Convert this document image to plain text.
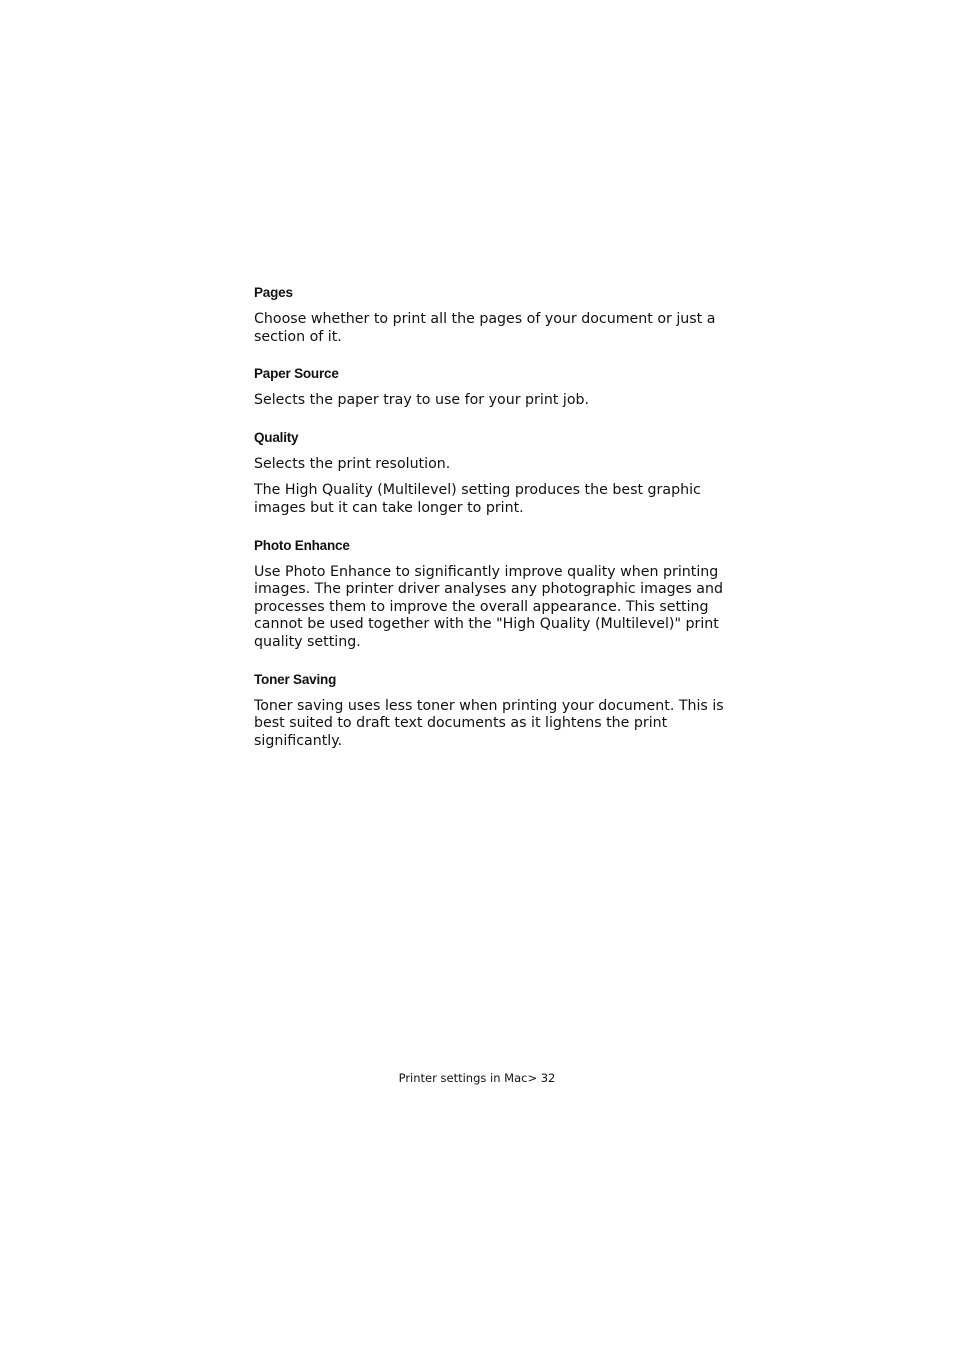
Pages
Choose whether to print all the pages of your document or just a section of it.
Paper Source
Selects the paper tray to use for your print job.
Quality
Selects the print resolution.
The High Quality (Multilevel) setting produces the best graphic images but it can take longer to print.
Photo Enhance
Use Photo Enhance to significantly improve quality when printing images. The printer driver analyses any photographic images and processes them to improve the overall appearance. This setting cannot be used together with the "High Quality (Multilevel)" print quality setting.
Toner Saving
Toner saving uses less toner when printing your document. This is best suited to draft text documents as it lightens the print significantly.
Printer settings in Mac> 32
